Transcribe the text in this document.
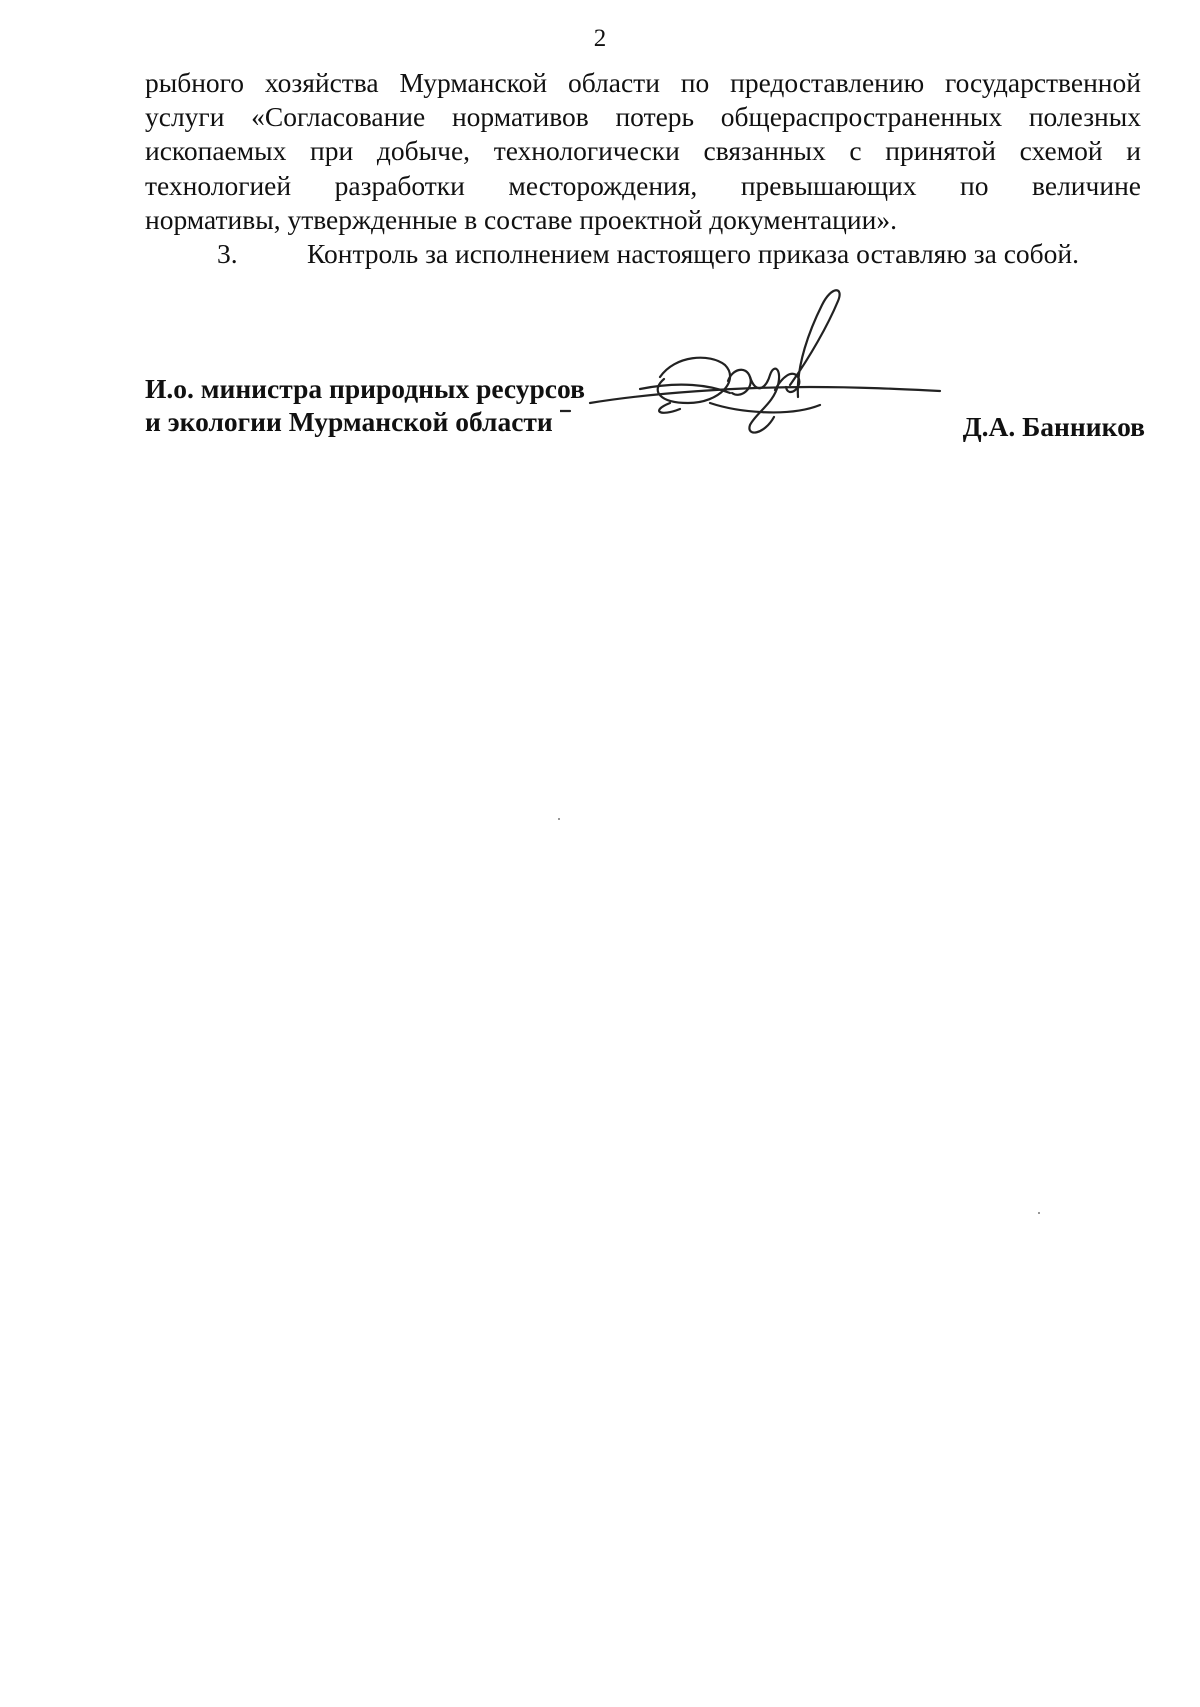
2
рыбного хозяйства Мурманской области по предоставлению государственной
услуги «Согласование нормативов потерь общераспространенных полезных
ископаемых при добыче, технологически связанных с принятой схемой и
технологией разработки месторождения, превышающих по величине
нормативы, утвержденные в составе проектной документации».
3.	Контроль за исполнением настоящего приказа оставляю за собой.
И.о. министра природных ресурсов
и экологии Мурманской области	Д.А. Банников
